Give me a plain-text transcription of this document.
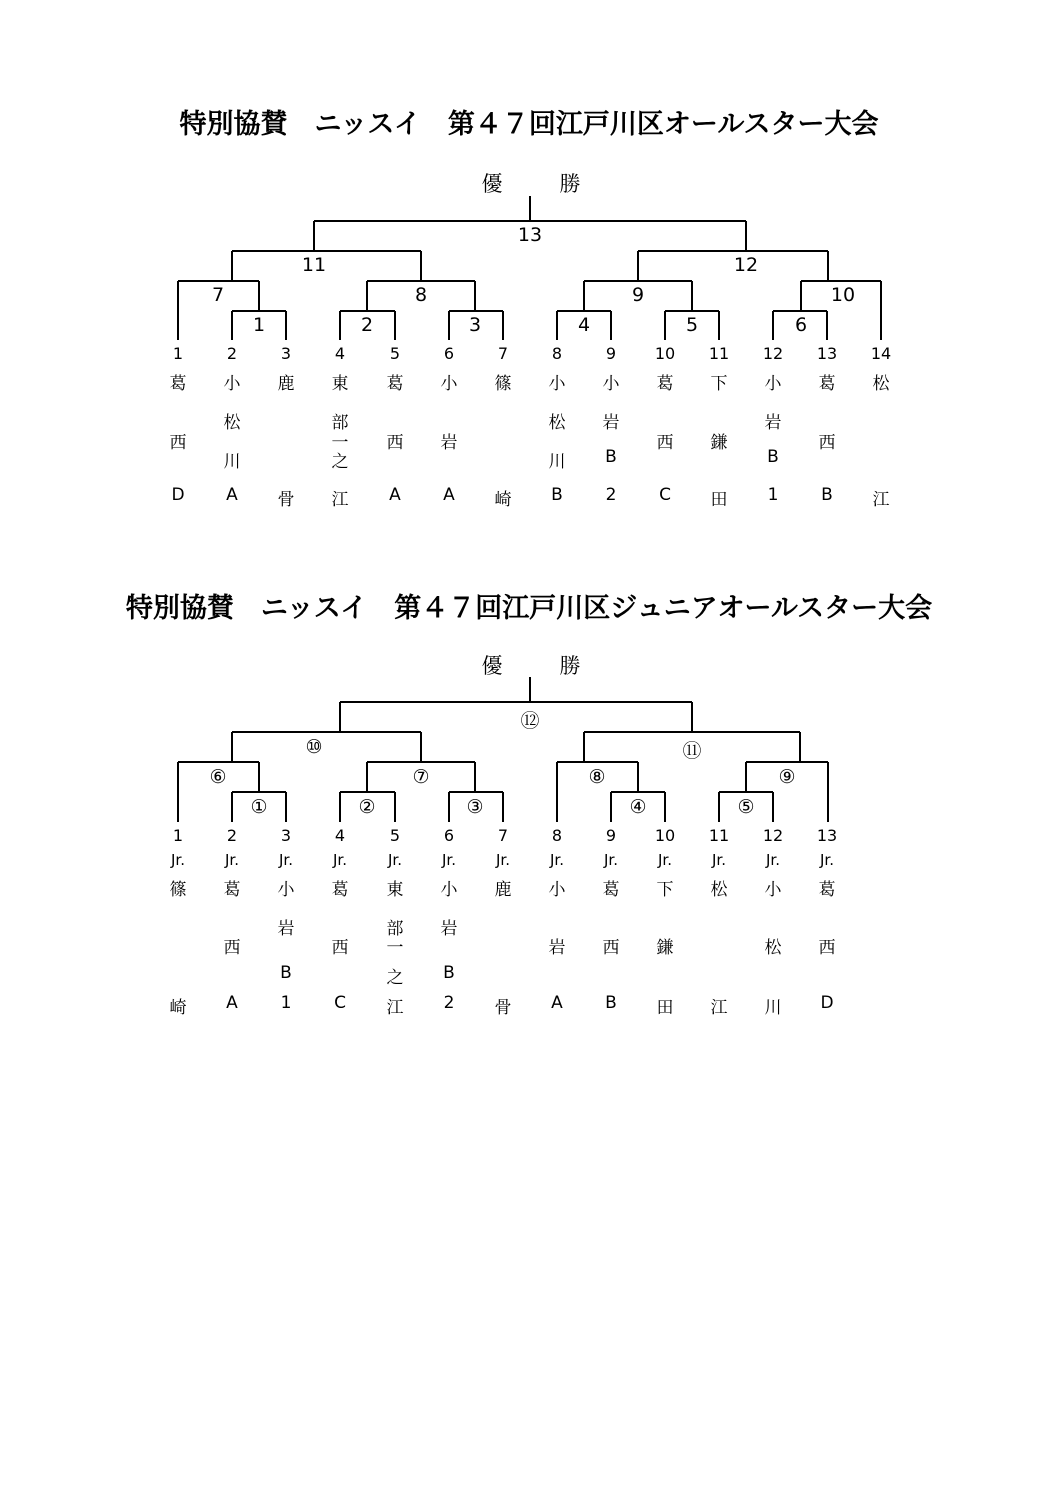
特別協賛　ニッスイ　第４７回江戸川区オールスター大会
特別協賛　ニッスイ　第４７回江戸川区ジュニアオールスター大会
優	勝
1	2	3	4	5	6
7	8	9	10
11	12
13
1
葛
西
D
2
小
松
川
A
3
鹿
骨
4
東
部
一
之
江
5
葛
西
A
6
小
岩
A
7
篠
崎
8
小
松
川
B
9
小
岩
B
2
10
葛
西
C
11
下
鎌
田
12
小
岩
B
1
13
葛
西
B
14
松
江
優	勝
①	②	③	④	⑤
⑥	⑦	⑧	⑨
⑩	⑪
⑫
1
Jr.
篠
崎
2
Jr.
葛
西
A
3
Jr.
小
岩
B
1
4
Jr.
葛
西
C
5
Jr.
東
部
一
之
江
6
Jr.
小
岩
B
2
7
Jr.
鹿
骨
8
Jr.
小
岩
A
9
Jr.
葛
西
B
10
Jr.
下
鎌
田
11
Jr.
松
江
12
Jr.
小
松
川
13
Jr.
葛
西
D
